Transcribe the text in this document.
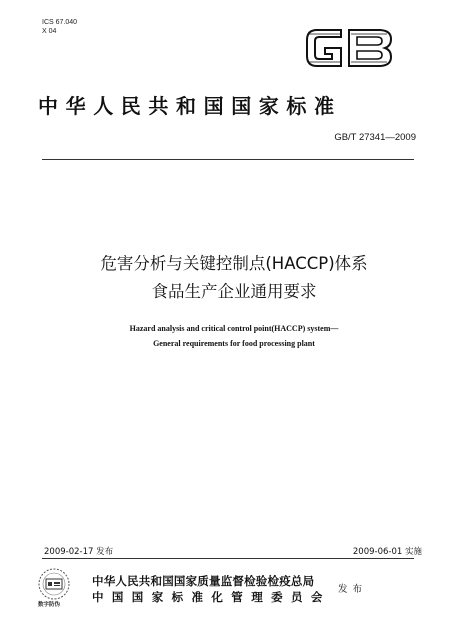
ICS 67.040
X 04
中华人民共和国国家标准
GB/T 27341—2009
危害分析与关键控制点(HACCP)体系
食品生产企业通用要求
Hazard analysis and critical control point(HACCP) system—
General requirements for food processing plant
2009-02-17 发布	2009-06-01 实施
数字防伪
中华人民共和国国家质量监督检验检疫总局
中国国家标准化管理委员会
发布
